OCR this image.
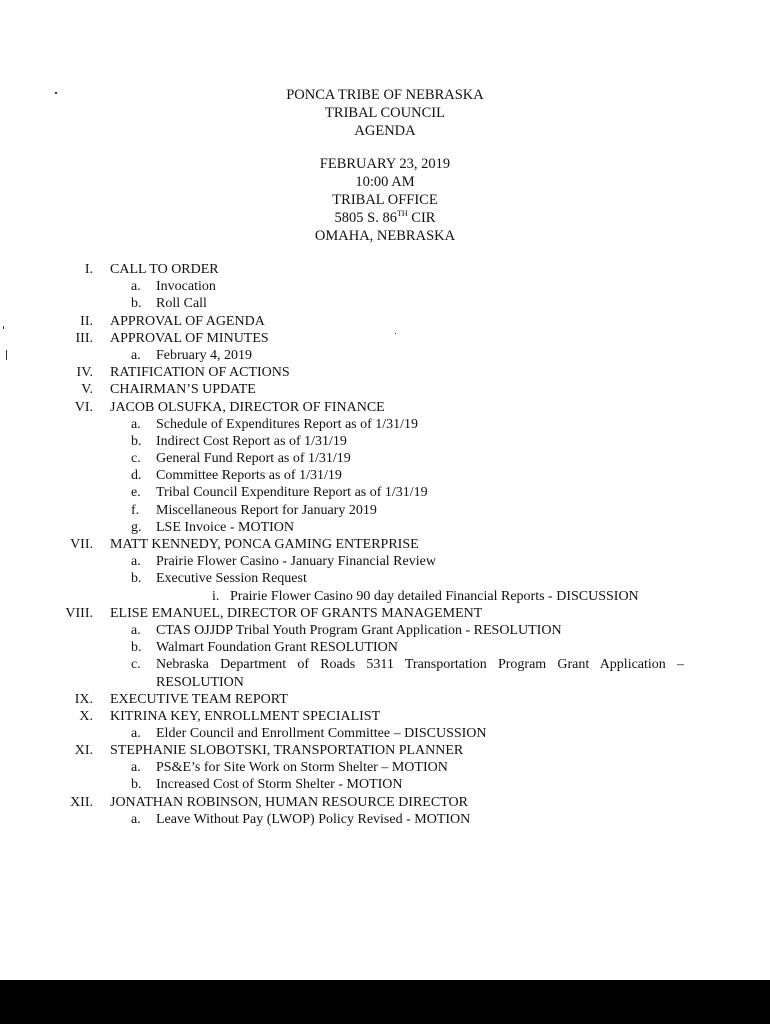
PONCA TRIBE OF NEBRASKA
TRIBAL COUNCIL
AGENDA
FEBRUARY 23, 2019
10:00 AM
TRIBAL OFFICE
5805 S. 86TH CIR
OMAHA, NEBRASKA
I. CALL TO ORDER
a.	Invocation
b.	Roll Call
II. APPROVAL OF AGENDA
III. APPROVAL OF MINUTES
a.	February 4, 2019
IV. RATIFICATION OF ACTIONS
V. CHAIRMAN’S UPDATE
VI. JACOB OLSUFKA, DIRECTOR OF FINANCE
a.	Schedule of Expenditures Report as of 1/31/19
b.	Indirect Cost Report as of 1/31/19
c.	General Fund Report as of 1/31/19
d.	Committee Reports as of 1/31/19
e.	Tribal Council Expenditure Report as of 1/31/19
f.	Miscellaneous Report for January 2019
g.	LSE Invoice - MOTION
VII. MATT KENNEDY, PONCA GAMING ENTERPRISE
a.	Prairie Flower Casino - January Financial Review
b.	Executive Session Request
i. Prairie Flower Casino 90 day detailed Financial Reports - DISCUSSION
VIII. ELISE EMANUEL, DIRECTOR OF GRANTS MANAGEMENT
a.	CTAS OJJDP Tribal Youth Program Grant Application - RESOLUTION
b.	Walmart Foundation Grant RESOLUTION
c.	Nebraska Department of Roads 5311 Transportation Program Grant Application –
RESOLUTION
IX. EXECUTIVE TEAM REPORT
X. KITRINA KEY, ENROLLMENT SPECIALIST
a.	Elder Council and Enrollment Committee – DISCUSSION
XI. STEPHANIE SLOBOTSKI, TRANSPORTATION PLANNER
a.	PS&E’s for Site Work on Storm Shelter – MOTION
b.	Increased Cost of Storm Shelter - MOTION
XII. JONATHAN ROBINSON, HUMAN RESOURCE DIRECTOR
a.	Leave Without Pay (LWOP) Policy Revised - MOTION
